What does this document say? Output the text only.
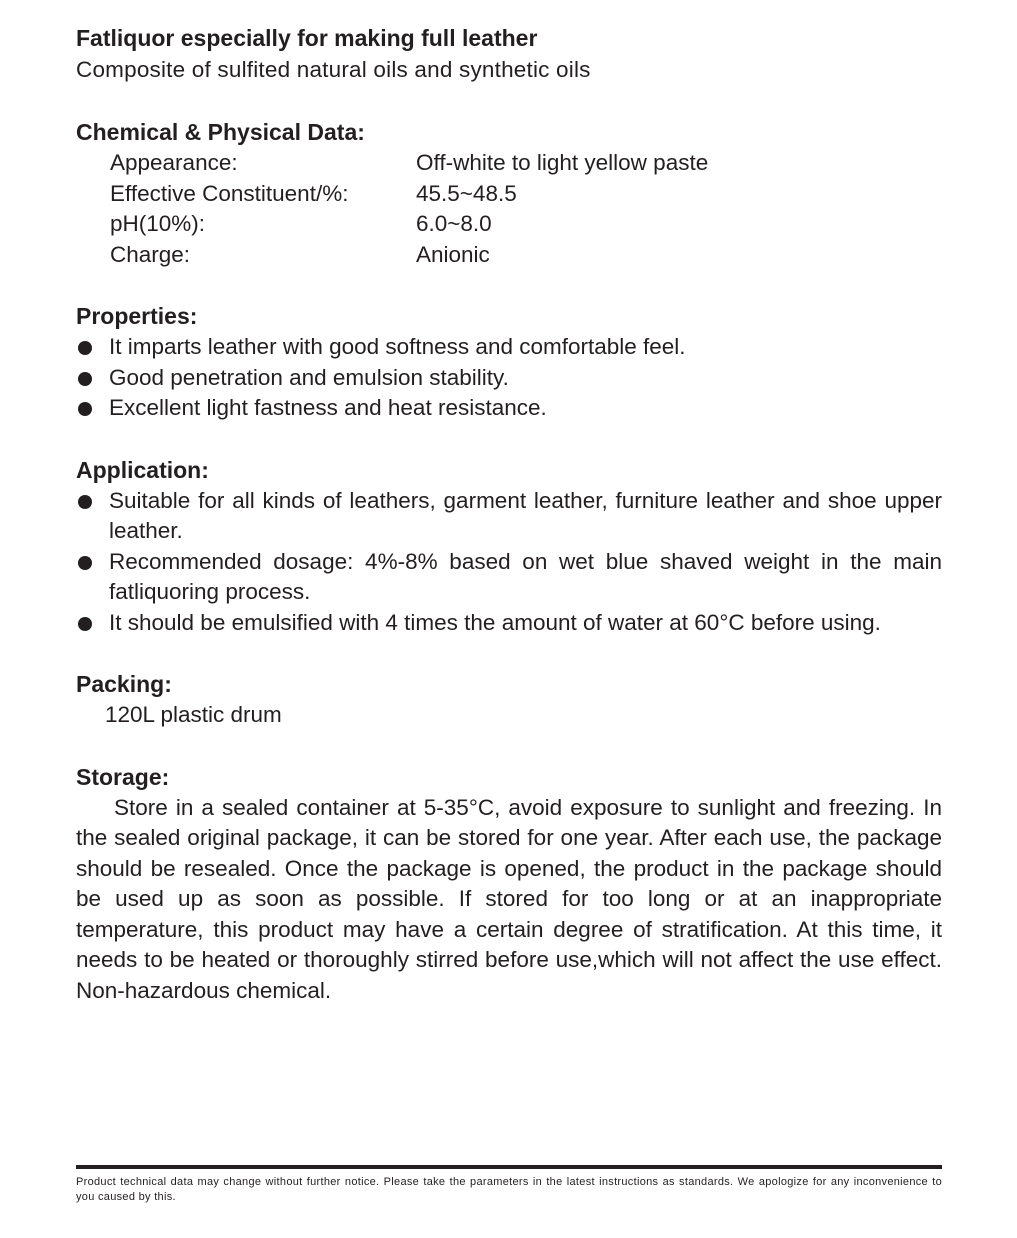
Fatliquor especially for making full leather

Composite of sulfited natural oils and synthetic oils

Chemical & Physical Data:

Appearance:	Off-white to light yellow paste
Effective Constituent/%:	45.5~48.5
pH(10%):	6.0~8.0
Charge:	Anionic

Properties:

It imparts leather with good softness and comfortable feel.
Good penetration and emulsion stability.
Excellent light fastness and heat resistance.

Application:

Suitable for all kinds of leathers, garment leather, furniture leather and shoe upper leather.
Recommended dosage: 4%-8% based on wet blue shaved weight in the main fatliquoring process.
It should be emulsified with 4 times the amount of water at 60°C before using.

Packing:

120L plastic drum

Storage:

Store in a sealed container at 5-35°C, avoid exposure to sunlight and freezing. In the sealed original package, it can be stored for one year. After each use, the package should be resealed. Once the package is opened, the product in the package should be used up as soon as possible. If stored for too long or at an inappropriate temperature, this product may have a certain degree of stratification. At this time, it needs to be heated or thoroughly stirred before use,which will not affect the use effect. Non-hazardous chemical.

Product technical data may change without further notice. Please take the parameters in the latest instructions as standards. We apologize for any inconvenience to you caused by this.
